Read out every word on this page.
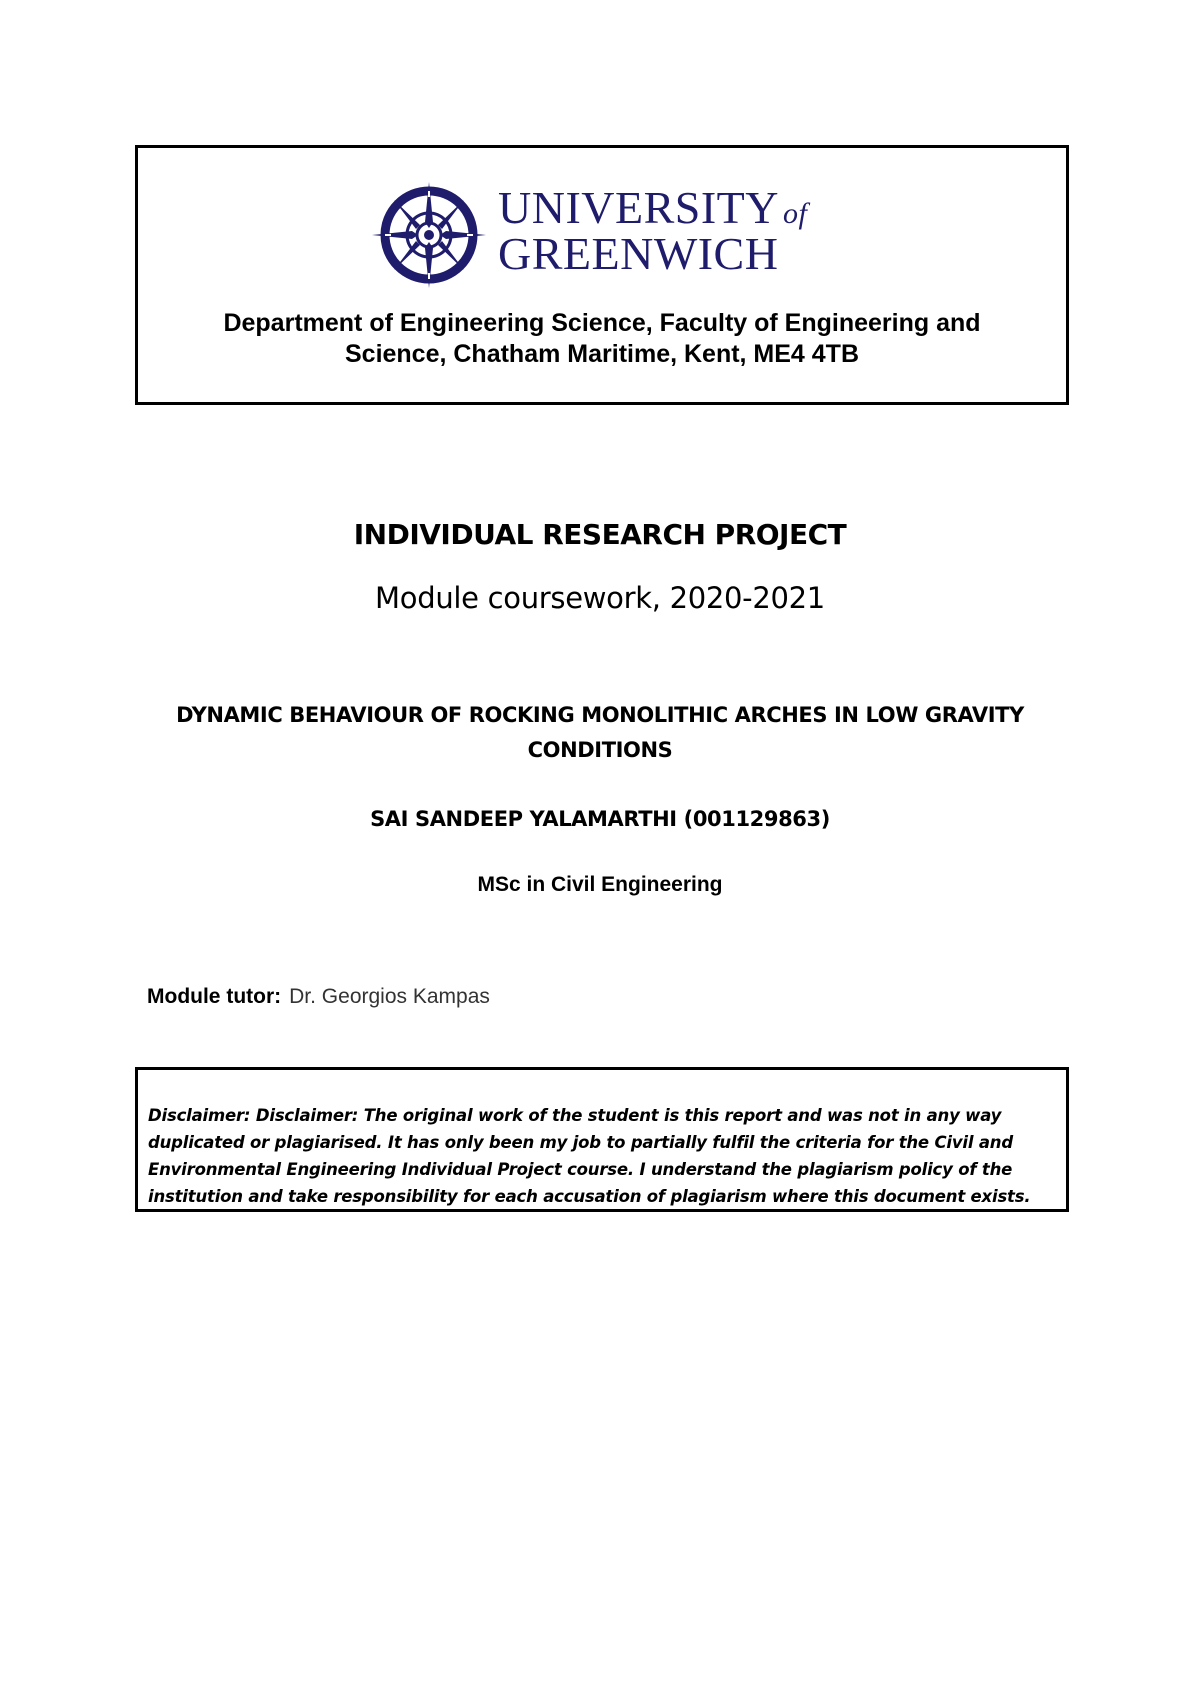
UNIVERSITY of
GREENWICH
Department of Engineering Science, Faculty of Engineering and
Science, Chatham Maritime, Kent, ME4 4TB
INDIVIDUAL RESEARCH PROJECT
Module coursework, 2020-2021
DYNAMIC BEHAVIOUR OF ROCKING MONOLITHIC ARCHES IN LOW GRAVITY
CONDITIONS
SAI SANDEEP YALAMARTHI (001129863)
MSc in Civil Engineering
Module tutor: Dr. Georgios Kampas
Disclaimer: Disclaimer: The original work of the student is this report and was not in any way
duplicated or plagiarised. It has only been my job to partially fulfil the criteria for the Civil and
Environmental Engineering Individual Project course. I understand the plagiarism policy of the
institution and take responsibility for each accusation of plagiarism where this document exists.
